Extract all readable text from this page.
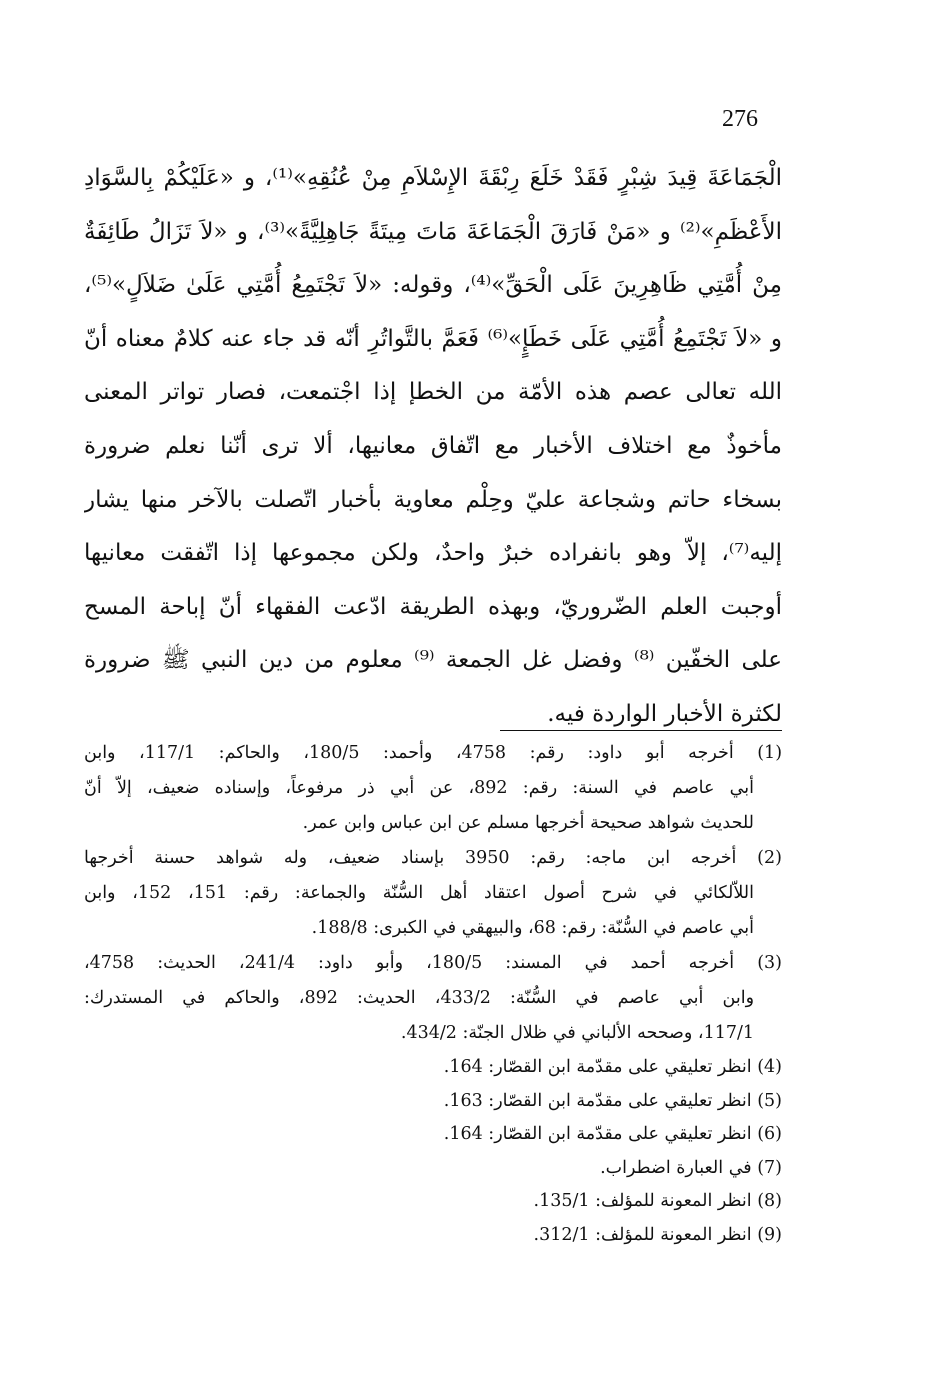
276
الْجَمَاعَةَ قِيدَ شِبْرٍ فَقَدْ خَلَعَ رِبْقَةَ الإِسْلاَمِ مِنْ عُنُقِهِ»⁽¹⁾، و «عَلَيْكُمْ بِالسَّوَادِ
الأَعْظَمِ»⁽²⁾ و «مَنْ فَارَقَ الْجَمَاعَةَ مَاتَ مِيتَةً جَاهِلِيَّةً»⁽³⁾، و «لاَ تَزَالُ طَائِفَةٌ
مِنْ أُمَّتِي ظَاهِرِينَ عَلَى الْحَقِّ»⁽⁴⁾، وقوله: «لاَ تَجْتَمِعُ أُمَّتِي عَلَىٰ ضَلاَلٍ»⁽⁵⁾،
و «لاَ تَجْتَمِعُ أُمَّتِي عَلَى خَطَإٍ»⁽⁶⁾ فَعَمَّ بالتَّواتُرِ أنّه قد جاء عنه كلامٌ معناه أنّ
الله تعالى عصم هذه الأمّة من الخطإ إذا اجْتمعت، فصار تواتر المعنى
مأخوذٌ مع اختلاف الأخبار مع اتّفاق معانيها، ألا ترى أنّنا نعلم ضرورة
بسخاء حاتم وشجاعة عليّ وحِلْم معاوية بأخبار اتّصلت بالآخر منها يشار
إليه⁽⁷⁾، إلاّ وهو بانفراده خبرٌ واحدٌ، ولكن مجموعها إذا اتّفقت معانيها
أوجبت العلم الضّروريّ، وبهذه الطريقة ادّعت الفقهاء أنّ إباحة المسح
على الخفّين ⁽⁸⁾ وفضل غل الجمعة ⁽⁹⁾ معلوم من دين النبي ﷺ ضرورة
لكثرة الأخبار الواردة فيه.
(1) أخرجه أبو داود: رقم: 4758، وأحمد: 180/5، والحاكم: 117/1، وابن
أبي عاصم في السنة: رقم: 892، عن أبي ذر مرفوعاً، وإسناده ضعيف، إلاّ أنّ
للحديث شواهد صحيحة أخرجها مسلم عن ابن عباس وابن عمر.
(2) أخرجه ابن ماجه: رقم: 3950 بإسناد ضعيف، وله شواهد حسنة أخرجها
اللاّلكائي في شرح أصول اعتقاد أهل السُّنّة والجماعة: رقم: 151، 152، وابن
أبي عاصم في السُّنّة: رقم: 68، والبيهقي في الكبرى: 188/8.
(3) أخرجه أحمد في المسند: 180/5، وأبو داود: 241/4، الحديث: 4758،
وابن أبي عاصم في السُّنّة: 433/2، الحديث: 892، والحاكم في المستدرك:
117/1، وصححه الألباني في ظلال الجنّة: 434/2.
(4) انظر تعليقي على مقدّمة ابن القصّار: 164.
(5) انظر تعليقي على مقدّمة ابن القصّار: 163.
(6) انظر تعليقي على مقدّمة ابن القصّار: 164.
(7) في العبارة اضطراب.
(8) انظر المعونة للمؤلف: 135/1.
(9) انظر المعونة للمؤلف: 312/1.
